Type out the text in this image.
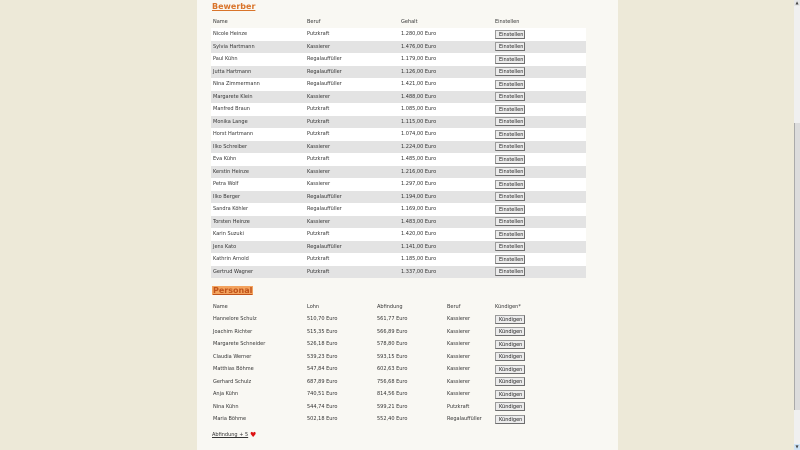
Bewerber
Name	Beruf	Gehalt	Einstellen
Nicole Heinze	Putzkraft	1.280,00 Euro	Einstellen
Sylvia Hartmann	Kassierer	1.476,00 Euro	Einstellen
Paul Kühn	Regalauffüller	1.179,00 Euro	Einstellen
Jutta Hartmann	Regalauffüller	1.126,00 Euro	Einstellen
Nina Zimmermann	Regalauffüller	1.421,00 Euro	Einstellen
Margarete Klein	Kassierer	1.488,00 Euro	Einstellen
Manfred Braun	Putzkraft	1.085,00 Euro	Einstellen
Monika Lange	Putzkraft	1.115,00 Euro	Einstellen
Horst Hartmann	Putzkraft	1.074,00 Euro	Einstellen
Ilko Schreiber	Kassierer	1.224,00 Euro	Einstellen
Eva Kühn	Putzkraft	1.485,00 Euro	Einstellen
Kerstin Heinze	Kassierer	1.216,00 Euro	Einstellen
Petra Wolf	Kassierer	1.297,00 Euro	Einstellen
Ilko Berger	Regalauffüller	1.194,00 Euro	Einstellen
Sandra Köhler	Regalauffüller	1.169,00 Euro	Einstellen
Torsten Heinze	Kassierer	1.483,00 Euro	Einstellen
Karin Suzuki	Putzkraft	1.420,00 Euro	Einstellen
Jens Kato	Regalauffüller	1.141,00 Euro	Einstellen
Kathrin Arnold	Putzkraft	1.185,00 Euro	Einstellen
Gertrud Wagner	Putzkraft	1.337,00 Euro	Einstellen
Personal
Name	Lohn	Abfindung	Beruf	Kündigen*
Hannelore Schulz	510,70 Euro	561,77 Euro	Kassierer	Kündigen
Joachim Richter	515,35 Euro	566,89 Euro	Kassierer	Kündigen
Margarete Schneider	526,18 Euro	578,80 Euro	Kassierer	Kündigen
Claudia Werner	539,23 Euro	593,15 Euro	Kassierer	Kündigen
Matthias Böhme	547,84 Euro	602,63 Euro	Kassierer	Kündigen
Gerhard Schulz	687,89 Euro	756,68 Euro	Kassierer	Kündigen
Anja Kühn	740,51 Euro	814,56 Euro	Kassierer	Kündigen
Nina Kühn	544,74 Euro	599,21 Euro	Putzkraft	Kündigen
Maria Böhme	502,18 Euro	552,40 Euro	Regalauffüller	Kündigen
Abfindung + 5 ♥
▲
▼
